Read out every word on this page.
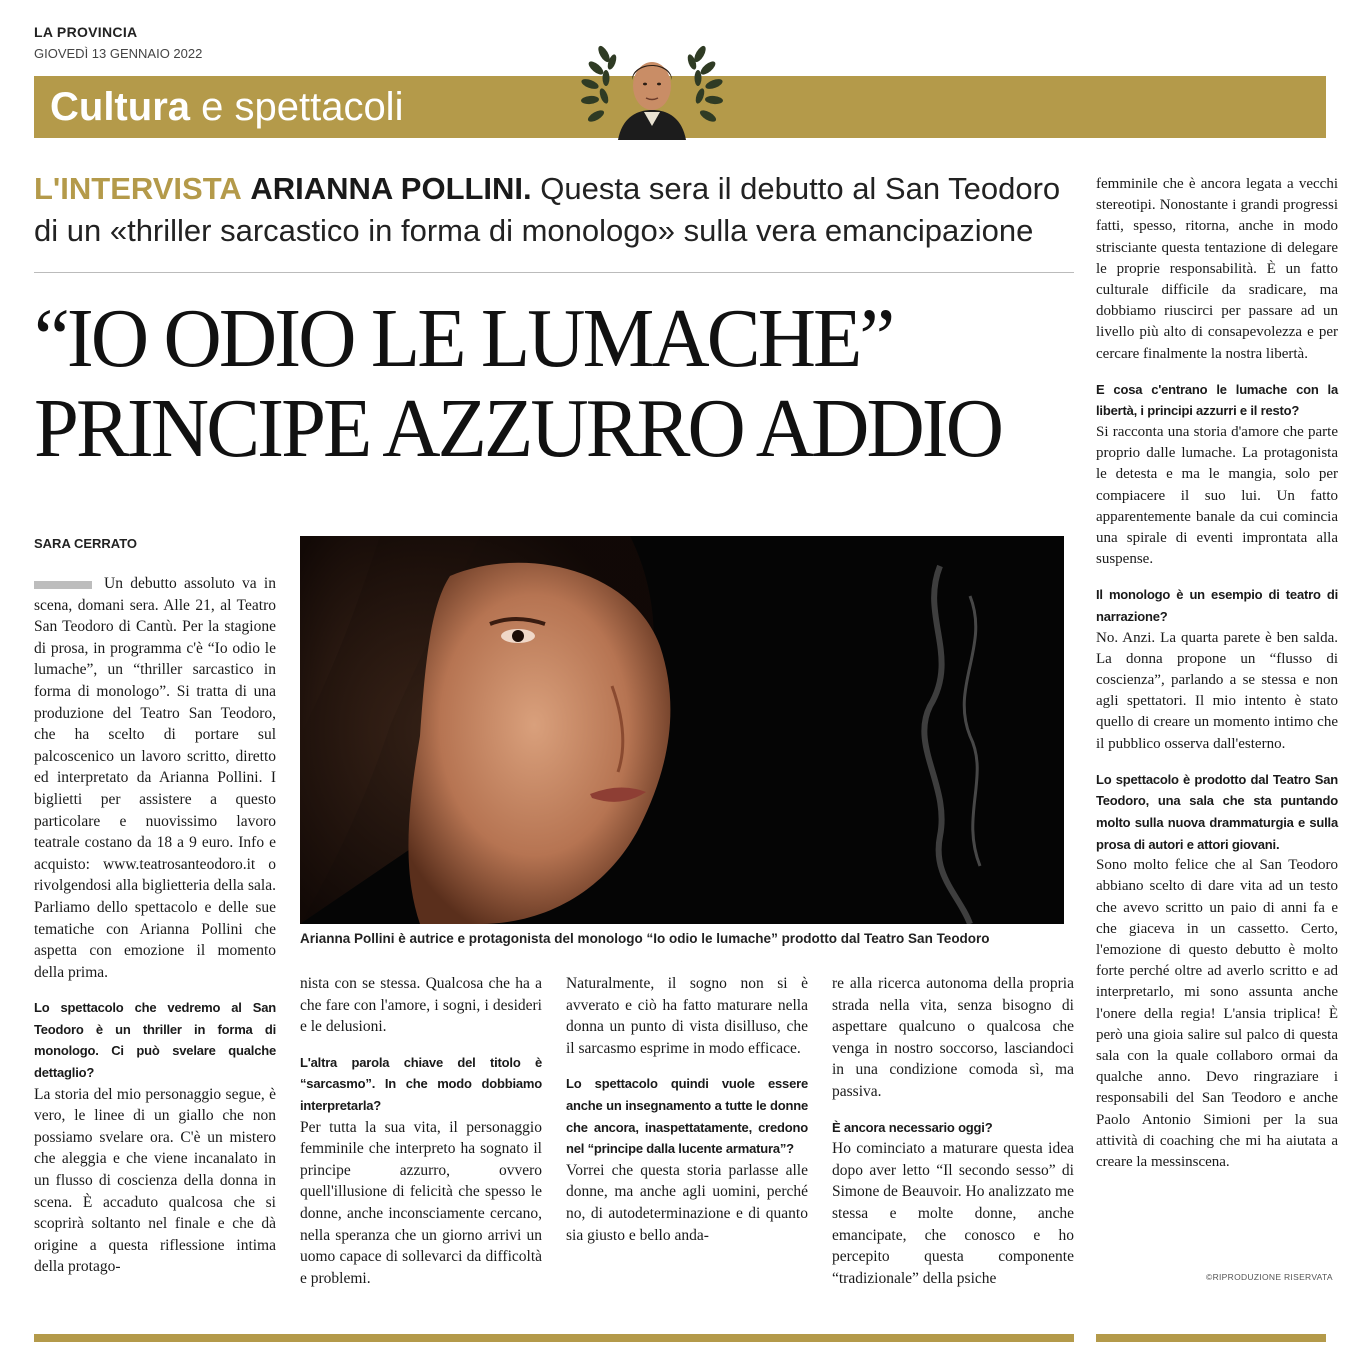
LA PROVINCIA
GIOVEDÌ 13 GENNAIO 2022
Cultura e spettacoli
L'INTERVISTA ARIANNA POLLINI. Questa sera il debutto al San Teodoro di un «thriller sarcastico in forma di monologo» sulla vera emancipazione
“IO ODIO LE LUMACHE”
PRINCIPE AZZURRO ADDIO
SARA CERRATO
Arianna Pollini è autrice e protagonista del monologo “Io odio le lumache” prodotto dal Teatro San Teodoro

Un debutto assoluto va in scena, domani sera. Alle 21, al Teatro San Teodoro di Cantù. Per la stagione di prosa, in programma c'è “Io odio le lumache”, un “thriller sarcastico in forma di monologo”. Si tratta di una produzione del Teatro San Teodoro, che ha scelto di portare sul palcoscenico un lavoro scritto, diretto ed interpretato da Arianna Pollini. I biglietti per assistere a questo particolare e nuovissimo lavoro teatrale costano da 18 a 9 euro. Info e acquisto: www.teatrosanteodoro.it o rivolgendosi alla biglietteria della sala. Parliamo dello spettacolo e delle sue tematiche con Arianna Pollini che aspetta con emozione il momento della prima.

Lo spettacolo che vedremo al San Teodoro è un thriller in forma di monologo. Ci può svelare qualche dettaglio?

La storia del mio personaggio segue, è vero, le linee di un giallo che non possiamo svelare ora. C'è un mistero che aleggia e che viene incanalato in un flusso di coscienza della donna in scena. È accaduto qualcosa che si scoprirà soltanto nel finale e che dà origine a questa riflessione intima della protago-

nista con se stessa. Qualcosa che ha a che fare con l'amore, i sogni, i desideri e le delusioni.

L'altra parola chiave del titolo è “sarcasmo”. In che modo dobbiamo interpretarla?

Per tutta la sua vita, il personaggio femminile che interpreto ha sognato il principe azzurro, ovvero quell'illusione di felicità che spesso le donne, anche inconsciamente cercano, nella speranza che un giorno arrivi un uomo capace di sollevarci da difficoltà e problemi.

Naturalmente, il sogno non si è avverato e ciò ha fatto maturare nella donna un punto di vista disilluso, che il sarcasmo esprime in modo efficace.

Lo spettacolo quindi vuole essere anche un insegnamento a tutte le donne che ancora, inaspettatamente, credono nel “principe dalla lucente armatura”?

Vorrei che questa storia parlasse alle donne, ma anche agli uomini, perché no, di autodeterminazione e di quanto sia giusto e bello anda-

re alla ricerca autonoma della propria strada nella vita, senza bisogno di aspettare qualcuno o qualcosa che venga in nostro soccorso, lasciandoci in una condizione comoda sì, ma passiva.

È ancora necessario oggi?

Ho cominciato a maturare questa idea dopo aver letto “Il secondo sesso” di Simone de Beauvoir. Ho analizzato me stessa e molte donne, anche emancipate, che conosco e ho percepito questa componente “tradizionale” della psiche

femminile che è ancora legata a vecchi stereotipi. Nonostante i grandi progressi fatti, spesso, ritorna, anche in modo strisciante questa tentazione di delegare le proprie responsabilità. È un fatto culturale difficile da sradicare, ma dobbiamo riuscirci per passare ad un livello più alto di consapevolezza e per cercare finalmente la nostra libertà.

E cosa c'entrano le lumache con la libertà, i principi azzurri e il resto?

Si racconta una storia d'amore che parte proprio dalle lumache. La protagonista le detesta e ma le mangia, solo per compiacere il suo lui. Un fatto apparentemente banale da cui comincia una spirale di eventi improntata alla suspense.

Il monologo è un esempio di teatro di narrazione?

No. Anzi. La quarta parete è ben salda. La donna propone un “flusso di coscienza”, parlando a se stessa e non agli spettatori. Il mio intento è stato quello di creare un momento intimo che il pubblico osserva dall'esterno.

Lo spettacolo è prodotto dal Teatro San Teodoro, una sala che sta puntando molto sulla nuova drammaturgia e sulla prosa di autori e attori giovani.

Sono molto felice che al San Teodoro abbiano scelto di dare vita ad un testo che avevo scritto un paio di anni fa e che giaceva in un cassetto. Certo, l'emozione di questo debutto è molto forte perché oltre ad averlo scritto e ad interpretarlo, mi sono assunta anche l'onere della regia! L'ansia triplica! È però una gioia salire sul palco di questa sala con la quale collaboro ormai da qualche anno. Devo ringraziare i responsabili del San Teodoro e anche Paolo Antonio Simioni per la sua attività di coaching che mi ha aiutata a creare la messinscena.

©RIPRODUZIONE RISERVATA
